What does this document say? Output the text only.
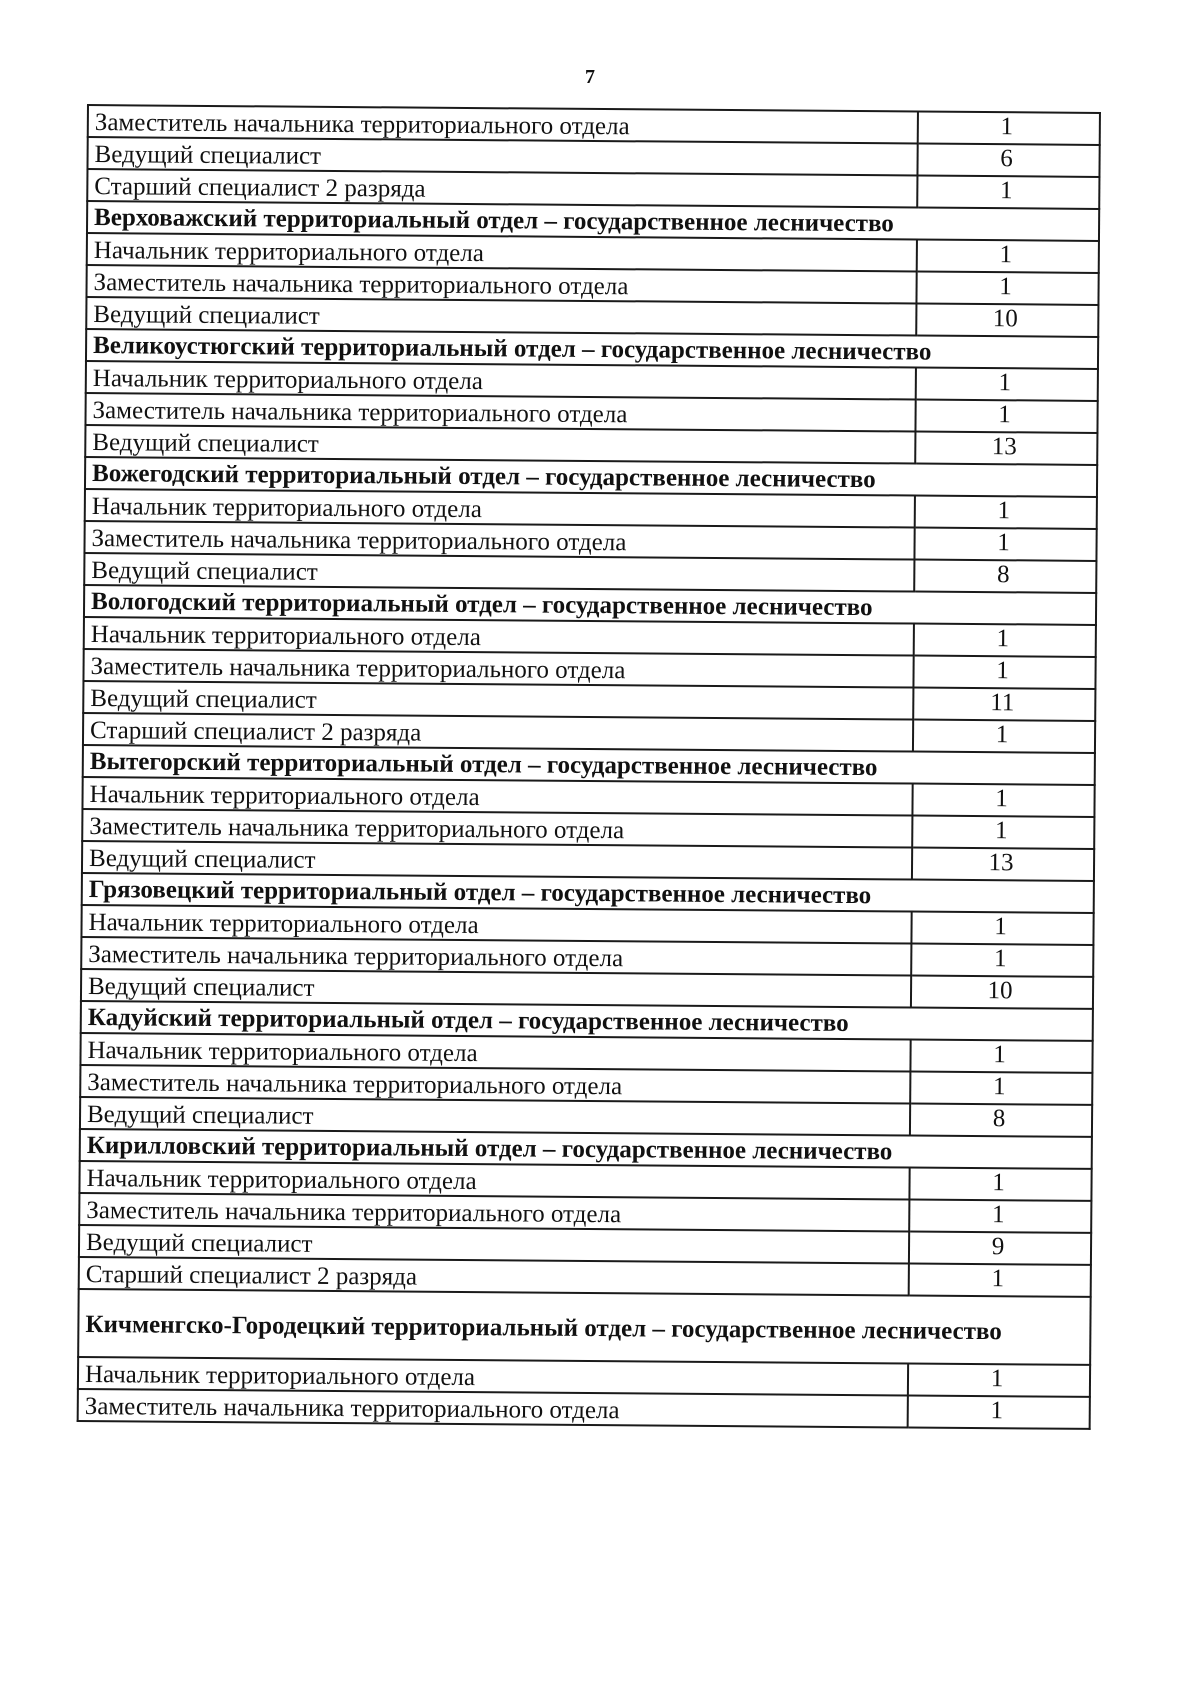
7
Заместитель начальника территориального отдела	1
Ведущий специалист	6
Старший специалист 2 разряда	1
Верховажский территориальный отдел – государственное лесничество	
Начальник территориального отдела	1
Заместитель начальника территориального отдела	1
Ведущий специалист	10
Великоустюгский территориальный отдел – государственное лесничество	
Начальник территориального отдела	1
Заместитель начальника территориального отдела	1
Ведущий специалист	13
Вожегодский территориальный отдел – государственное лесничество	
Начальник территориального отдела	1
Заместитель начальника территориального отдела	1
Ведущий специалист	8
Вологодский территориальный отдел – государственное лесничество	
Начальник территориального отдела	1
Заместитель начальника территориального отдела	1
Ведущий специалист	11
Старший специалист 2 разряда	1
Вытегорский территориальный отдел – государственное лесничество	
Начальник территориального отдела	1
Заместитель начальника территориального отдела	1
Ведущий специалист	13
Грязовецкий территориальный отдел – государственное лесничество	
Начальник территориального отдела	1
Заместитель начальника территориального отдела	1
Ведущий специалист	10
Кадуйский территориальный отдел – государственное лесничество	
Начальник территориального отдела	1
Заместитель начальника территориального отдела	1
Ведущий специалист	8
Кирилловский территориальный отдел – государственное лесничество	
Начальник территориального отдела	1
Заместитель начальника территориального отдела	1
Ведущий специалист	9
Старший специалист 2 разряда	1
Кичменгско-Городецкий территориальный отдел – государственное лесничество	
Начальник территориального отдела	1
Заместитель начальника территориального отдела	1
